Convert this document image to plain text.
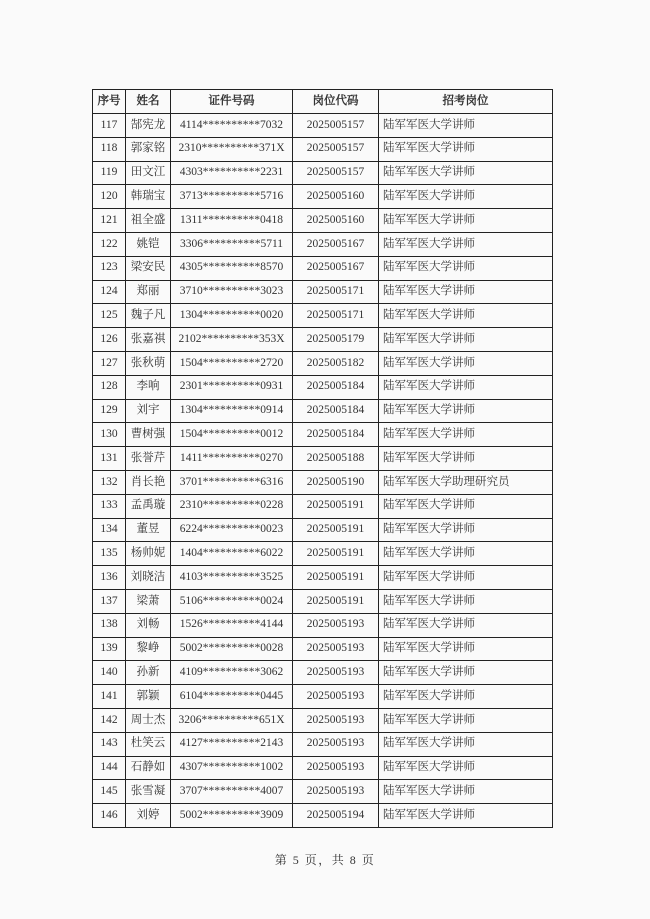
序号	姓名	证件号码	岗位代码	招考岗位
117	郜宪龙	4114**********7032	2025005157	陆军军医大学讲师
118	郭家铭	2310**********371X	2025005157	陆军军医大学讲师
119	田文江	4303**********2231	2025005157	陆军军医大学讲师
120	韩瑞宝	3713**********5716	2025005160	陆军军医大学讲师
121	祖全盛	1311**********0418	2025005160	陆军军医大学讲师
122	姚铠	3306**********5711	2025005167	陆军军医大学讲师
123	梁安民	4305**********8570	2025005167	陆军军医大学讲师
124	郑丽	3710**********3023	2025005171	陆军军医大学讲师
125	魏子凡	1304**********0020	2025005171	陆军军医大学讲师
126	张嘉祺	2102**********353X	2025005179	陆军军医大学讲师
127	张秋萌	1504**********2720	2025005182	陆军军医大学讲师
128	李响	2301**********0931	2025005184	陆军军医大学讲师
129	刘宇	1304**********0914	2025005184	陆军军医大学讲师
130	曹树强	1504**********0012	2025005184	陆军军医大学讲师
131	张誉芹	1411**********0270	2025005188	陆军军医大学讲师
132	肖长艳	3701**********6316	2025005190	陆军军医大学助理研究员
133	孟禹璇	2310**********0228	2025005191	陆军军医大学讲师
134	董昱	6224**********0023	2025005191	陆军军医大学讲师
135	杨帅妮	1404**********6022	2025005191	陆军军医大学讲师
136	刘晓洁	4103**********3525	2025005191	陆军军医大学讲师
137	梁萧	5106**********0024	2025005191	陆军军医大学讲师
138	刘畅	1526**********4144	2025005193	陆军军医大学讲师
139	黎峥	5002**********0028	2025005193	陆军军医大学讲师
140	孙新	4109**********3062	2025005193	陆军军医大学讲师
141	郭颖	6104**********0445	2025005193	陆军军医大学讲师
142	周士杰	3206**********651X	2025005193	陆军军医大学讲师
143	杜笑云	4127**********2143	2025005193	陆军军医大学讲师
144	石静如	4307**********1002	2025005193	陆军军医大学讲师
145	张雪凝	3707**********4007	2025005193	陆军军医大学讲师
146	刘婷	5002**********3909	2025005194	陆军军医大学讲师
第 5 页，共 8 页
